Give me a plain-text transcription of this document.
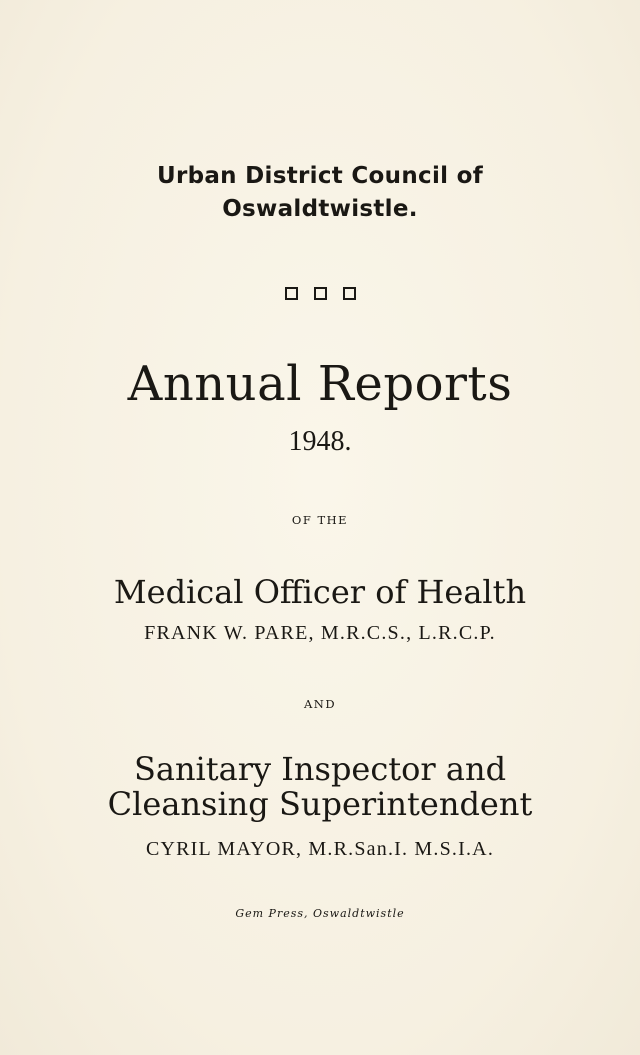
Urban District Council of
Oswaldtwistle.
Annual Reports
1948.
OF THE
Medical Officer of Health
FRANK W. PARE, M.R.C.S., L.R.C.P.
AND
Sanitary Inspector and
Cleansing Superintendent
CYRIL MAYOR, M.R.San.I. M.S.I.A.
Gem Press, Oswaldtwistle
